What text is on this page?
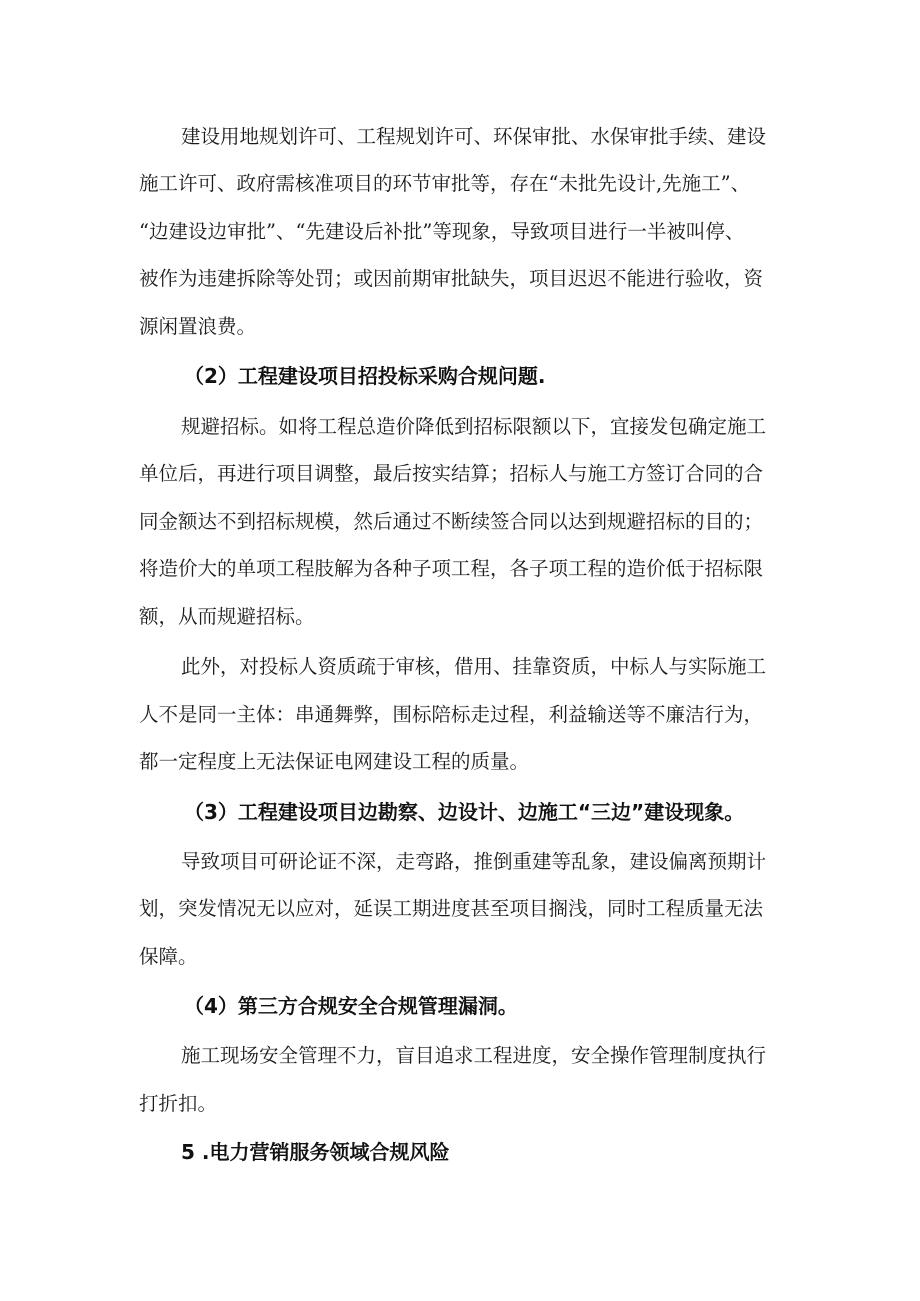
建设用地规划许可、工程规划许可、环保审批、水保审批手续、建设
施工许可、政府需核准项目的环节审批等，存在“未批先设计,先施工”、
“边建设边审批”、“先建设后补批”等现象，导致项目进行一半被叫停、
被作为违建拆除等处罚；或因前期审批缺失，项目迟迟不能进行验收，资
源闲置浪费。
（2）工程建设项目招投标采购合规问题.
规避招标。如将工程总造价降低到招标限额以下，宜接发包确定施工
单位后，再进行项目调整，最后按实结算；招标人与施工方签订合同的合
同金额达不到招标规模，然后通过不断续签合同以达到规避招标的目的；
将造价大的单项工程肢解为各种子项工程，各子项工程的造价低于招标限
额，从而规避招标。
此外，对投标人资质疏于审核，借用、挂靠资质，中标人与实际施工
人不是同一主体：串通舞弊，围标陪标走过程，利益输送等不廉洁行为，
都一定程度上无法保证电网建设工程的质量。
（3）工程建设项目边勘察、边设计、边施工“三边”建设现象。
导致项目可研论证不深，走弯路，推倒重建等乱象，建设偏离预期计
划，突发情况无以应对，延误工期进度甚至项目搁浅，同时工程质量无法
保障。
（4）第三方合规安全合规管理漏洞。
施工现场安全管理不力，盲目追求工程进度，安全操作管理制度执行
打折扣。
5 .电力营销服务领域合规风险
